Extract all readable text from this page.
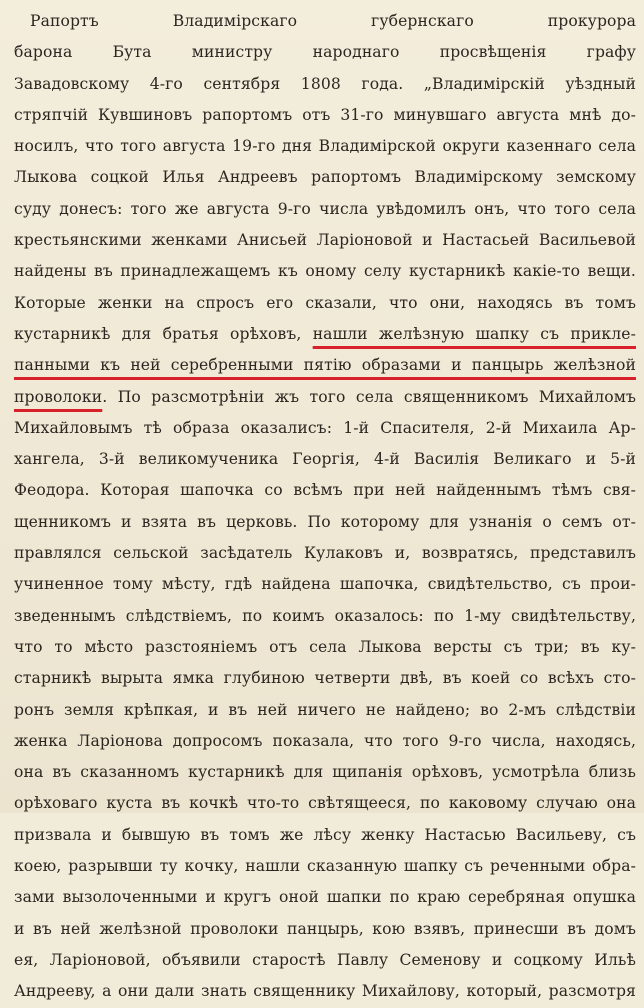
Рапортъ Владимірскаго губернскаго прокурора
барона Бута министру народнаго просвѣщенія графу
Завадовскому 4-го сентября 1808 года. „Владимірскій уѣздный
стряпчій Кувшиновъ рапортомъ отъ 31-го минувшаго августа мнѣ до-
носилъ, что того августа 19-го дня Владимірской округи казеннаго села
Лыкова соцкой Илья Андреевъ рапортомъ Владимірскому земскому
суду донесъ: того же августа 9-го числа увѣдомилъ онъ, что того села
крестьянскими женками Анисьей Ларіоновой и Настасьей Васильевой
найдены въ принадлежащемъ къ оному селу кустарникѣ какіе-то вещи.
Которые женки на спросъ его сказали, что они, находясь въ томъ
кустарникѣ для братья орѣховъ, нашли желѣзную шапку съ прикле-
панными къ ней серебренными пятію образами и панцырь желѣзной
проволоки. По разсмотрѣніи жъ того села священникомъ Михайломъ
Михайловымъ тѣ образа оказалисъ: 1-й Спасителя, 2-й Михаила Ар-
хангела, 3-й великомученика Георгія, 4-й Василія Великаго и 5-й
Феодора. Которая шапочка со всѣмъ при ней найденнымъ тѣмъ свя-
щенникомъ и взята въ церковь. По которому для узнанія о семъ от-
правлялся сельской засѣдатель Кулаковъ и, возвратясь, представилъ
учиненное тому мѣсту, гдѣ найдена шапочка, свидѣтельство, съ прои-
зведеннымъ слѣдствіемъ, по коимъ оказалось: по 1-му свидѣтельству,
что то мѣсто разстояніемъ отъ села Лыкова версты съ три; въ ку-
старникѣ вырыта ямка глубиною четверти двѣ, въ коей со всѣхъ сто-
ронъ земля крѣпкая, и въ ней ничего не найдено; во 2-мъ слѣдствіи
женка Ларіонова допросомъ показала, что того 9-го числа, находясь,
она въ сказанномъ кустарникѣ для щипанія орѣховъ, усмотрѣла близь
орѣховаго куста въ кочкѣ что-то свѣтящееся, по каковому случаю она
призвала и бывшую въ томъ же лѣсу женку Настасью Васильеву, съ
коею, разрывши ту кочку, нашли сказанную шапку съ реченными обра-
зами вызолоченными и кругъ оной шапки по краю серебряная опушка
и въ ней желѣзной проволоки панцырь, кою взявъ, принесши въ домъ
ея, Ларіоновой, объявили старостѣ Павлу Семенову и соцкому Ильѣ
Андреевy, а они дали знать священнику Михайлову, который, разсмотря
